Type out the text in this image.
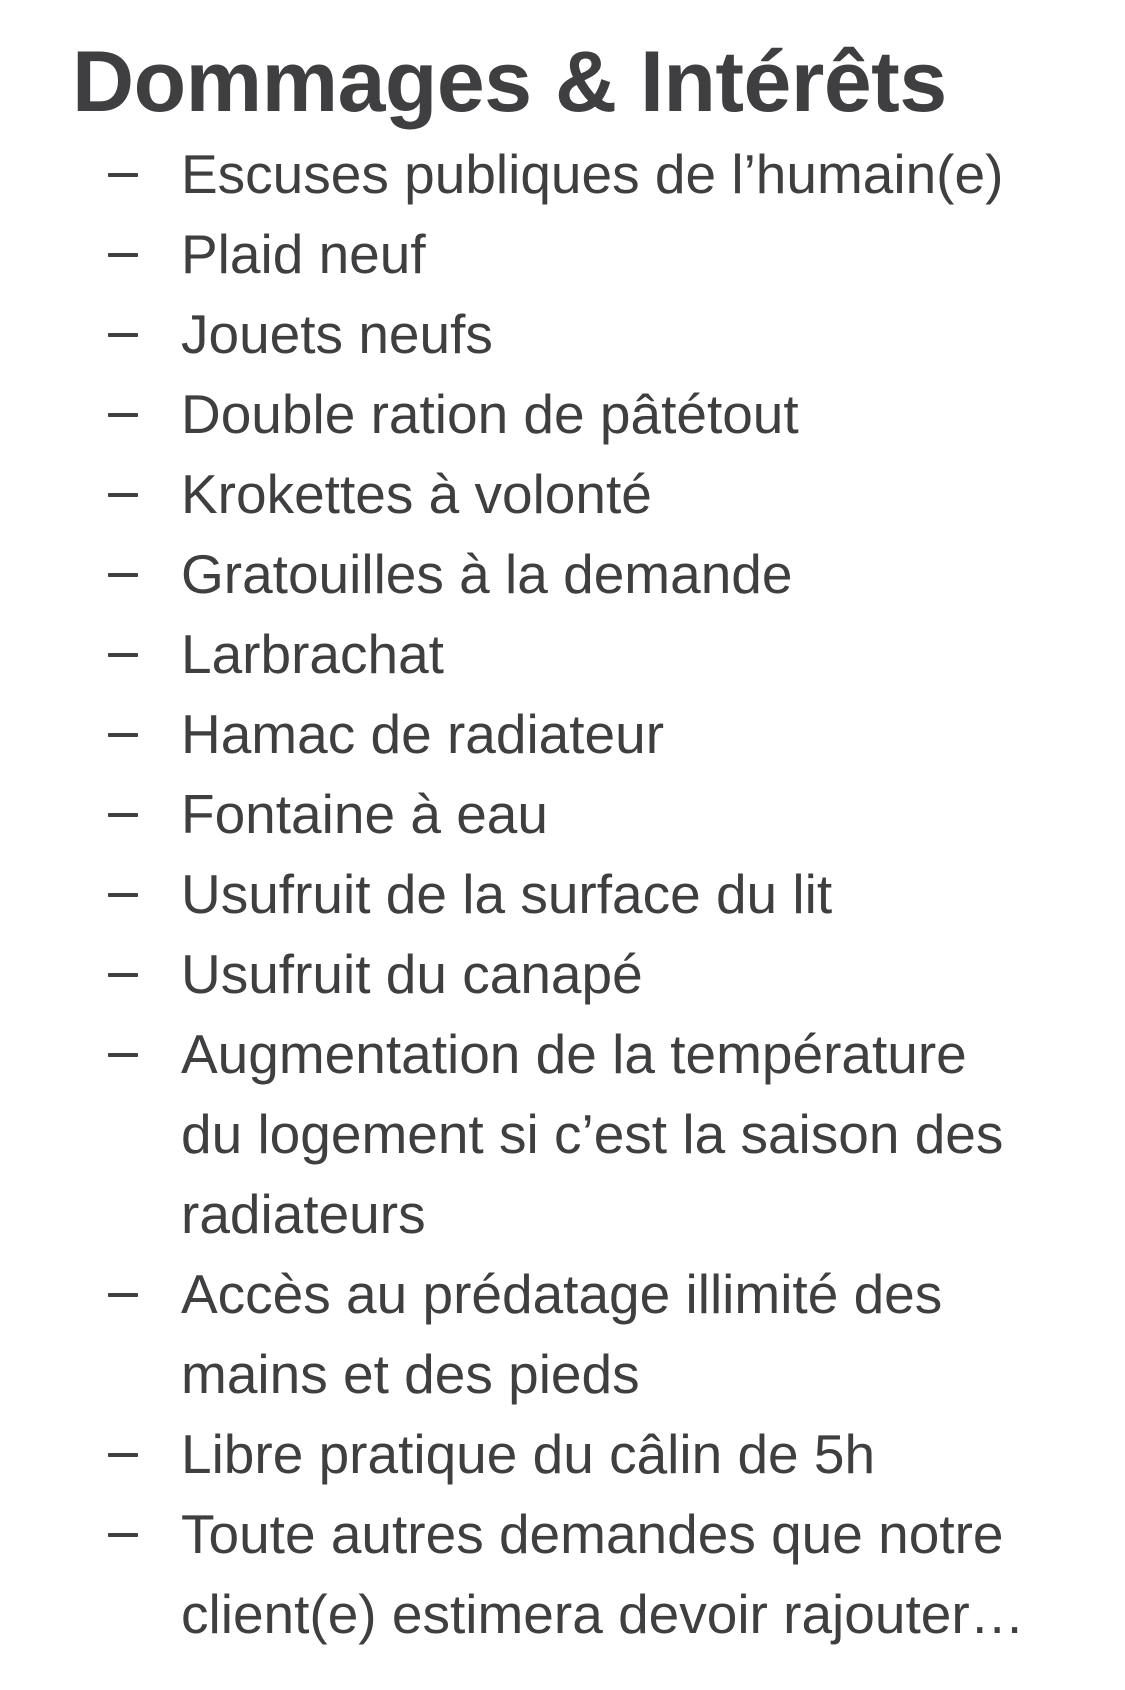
Dommages & Intérêts
Escuses publiques de l’humain(e)
Plaid neuf
Jouets neufs
Double ration de pâtétout
Krokettes à volonté
Gratouilles à la demande
Larbrachat
Hamac de radiateur
Fontaine à eau
Usufruit de la surface du lit
Usufruit du canapé
Augmentation de la température du logement si c’est la saison des radiateurs
Accès au prédatage illimité des mains et des pieds
Libre pratique du câlin de 5h
Toute autres demandes que notre client(e) estimera devoir rajouter…
